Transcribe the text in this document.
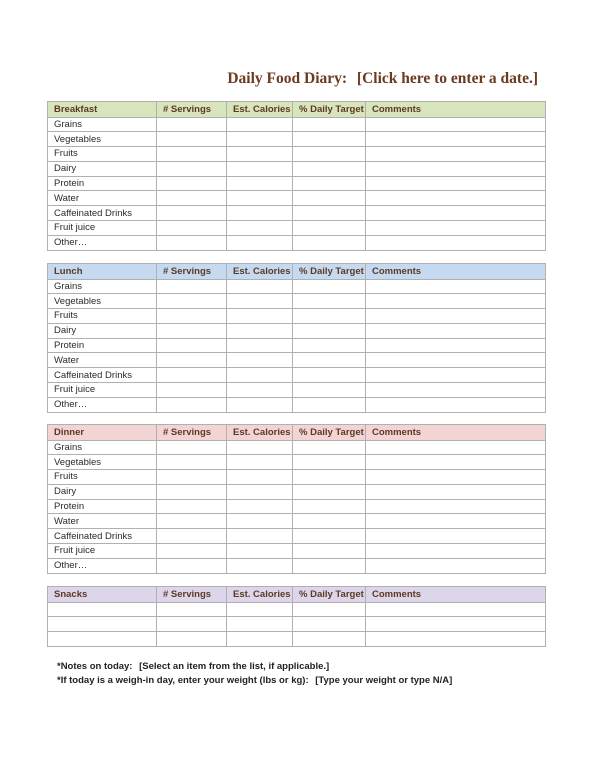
Daily Food Diary: [Click here to enter a date.]
Breakfast	# Servings	Est. Calories	% Daily Target	Comments
Grains				
Vegetables				
Fruits				
Dairy				
Protein				
Water				
Caffeinated Drinks				
Fruit juice				
Other…				
Lunch	# Servings	Est. Calories	% Daily Target	Comments
Grains				
Vegetables				
Fruits				
Dairy				
Protein				
Water				
Caffeinated Drinks				
Fruit juice				
Other…				
Dinner	# Servings	Est. Calories	% Daily Target	Comments
Grains				
Vegetables				
Fruits				
Dairy				
Protein				
Water				
Caffeinated Drinks				
Fruit juice				
Other…				
Snacks	# Servings	Est. Calories	% Daily Target	Comments

*Notes on today: [Select an item from the list, if applicable.]
*If today is a weigh-in day, enter your weight (lbs or kg): [Type your weight or type N/A]
